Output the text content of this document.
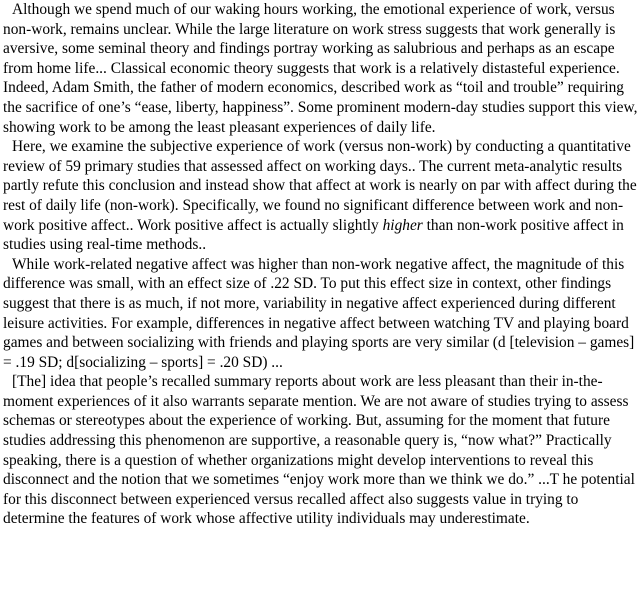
Although we spend much of our waking hours working, the emotional experience of work, versus non-work, remains unclear. While the large literature on work stress suggests that work generally is aversive, some seminal theory and findings portray working as salubrious and perhaps as an escape from home life... Classical economic theory suggests that work is a relatively distasteful experience. Indeed, Adam Smith, the father of modern economics, described work as “toil and trouble” requiring the sacrifice of one’s “ease, liberty, happiness”. Some prominent modern-day studies support this view, showing work to be among the least pleasant experiences of daily life.

Here, we examine the subjective experience of work (versus non-work) by conducting a quantitative review of 59 primary studies that assessed affect on working days.. The current meta-analytic results partly refute this conclusion and instead show that affect at work is nearly on par with affect during the rest of daily life (non-work). Specifically, we found no significant difference between work and non-work positive affect.. Work positive affect is actually slightly higher than non-work positive affect in studies using real-time methods..

While work-related negative affect was higher than non-work negative affect, the magnitude of this difference was small, with an effect size of .22 SD. To put this effect size in context, other findings suggest that there is as much, if not more, variability in negative affect experienced during different leisure activities. For example, differences in negative affect between watching TV and playing board games and between socializing with friends and playing sports are very similar (d [television – games] = .19 SD; d[socializing – sports] = .20 SD) ...

[The] idea that people’s recalled summary reports about work are less pleasant than their in-the-moment experiences of it also warrants separate mention. We are not aware of studies trying to assess schemas or stereotypes about the experience of working. But, assuming for the moment that future studies addressing this phenomenon are supportive, a reasonable query is, “now what?” Practically speaking, there is a question of whether organizations might develop interventions to reveal this disconnect and the notion that we sometimes “enjoy work more than we think we do.” ...T he potential for this disconnect between experienced versus recalled affect also suggests value in trying to determine the features of work whose affective utility individuals may underestimate.
